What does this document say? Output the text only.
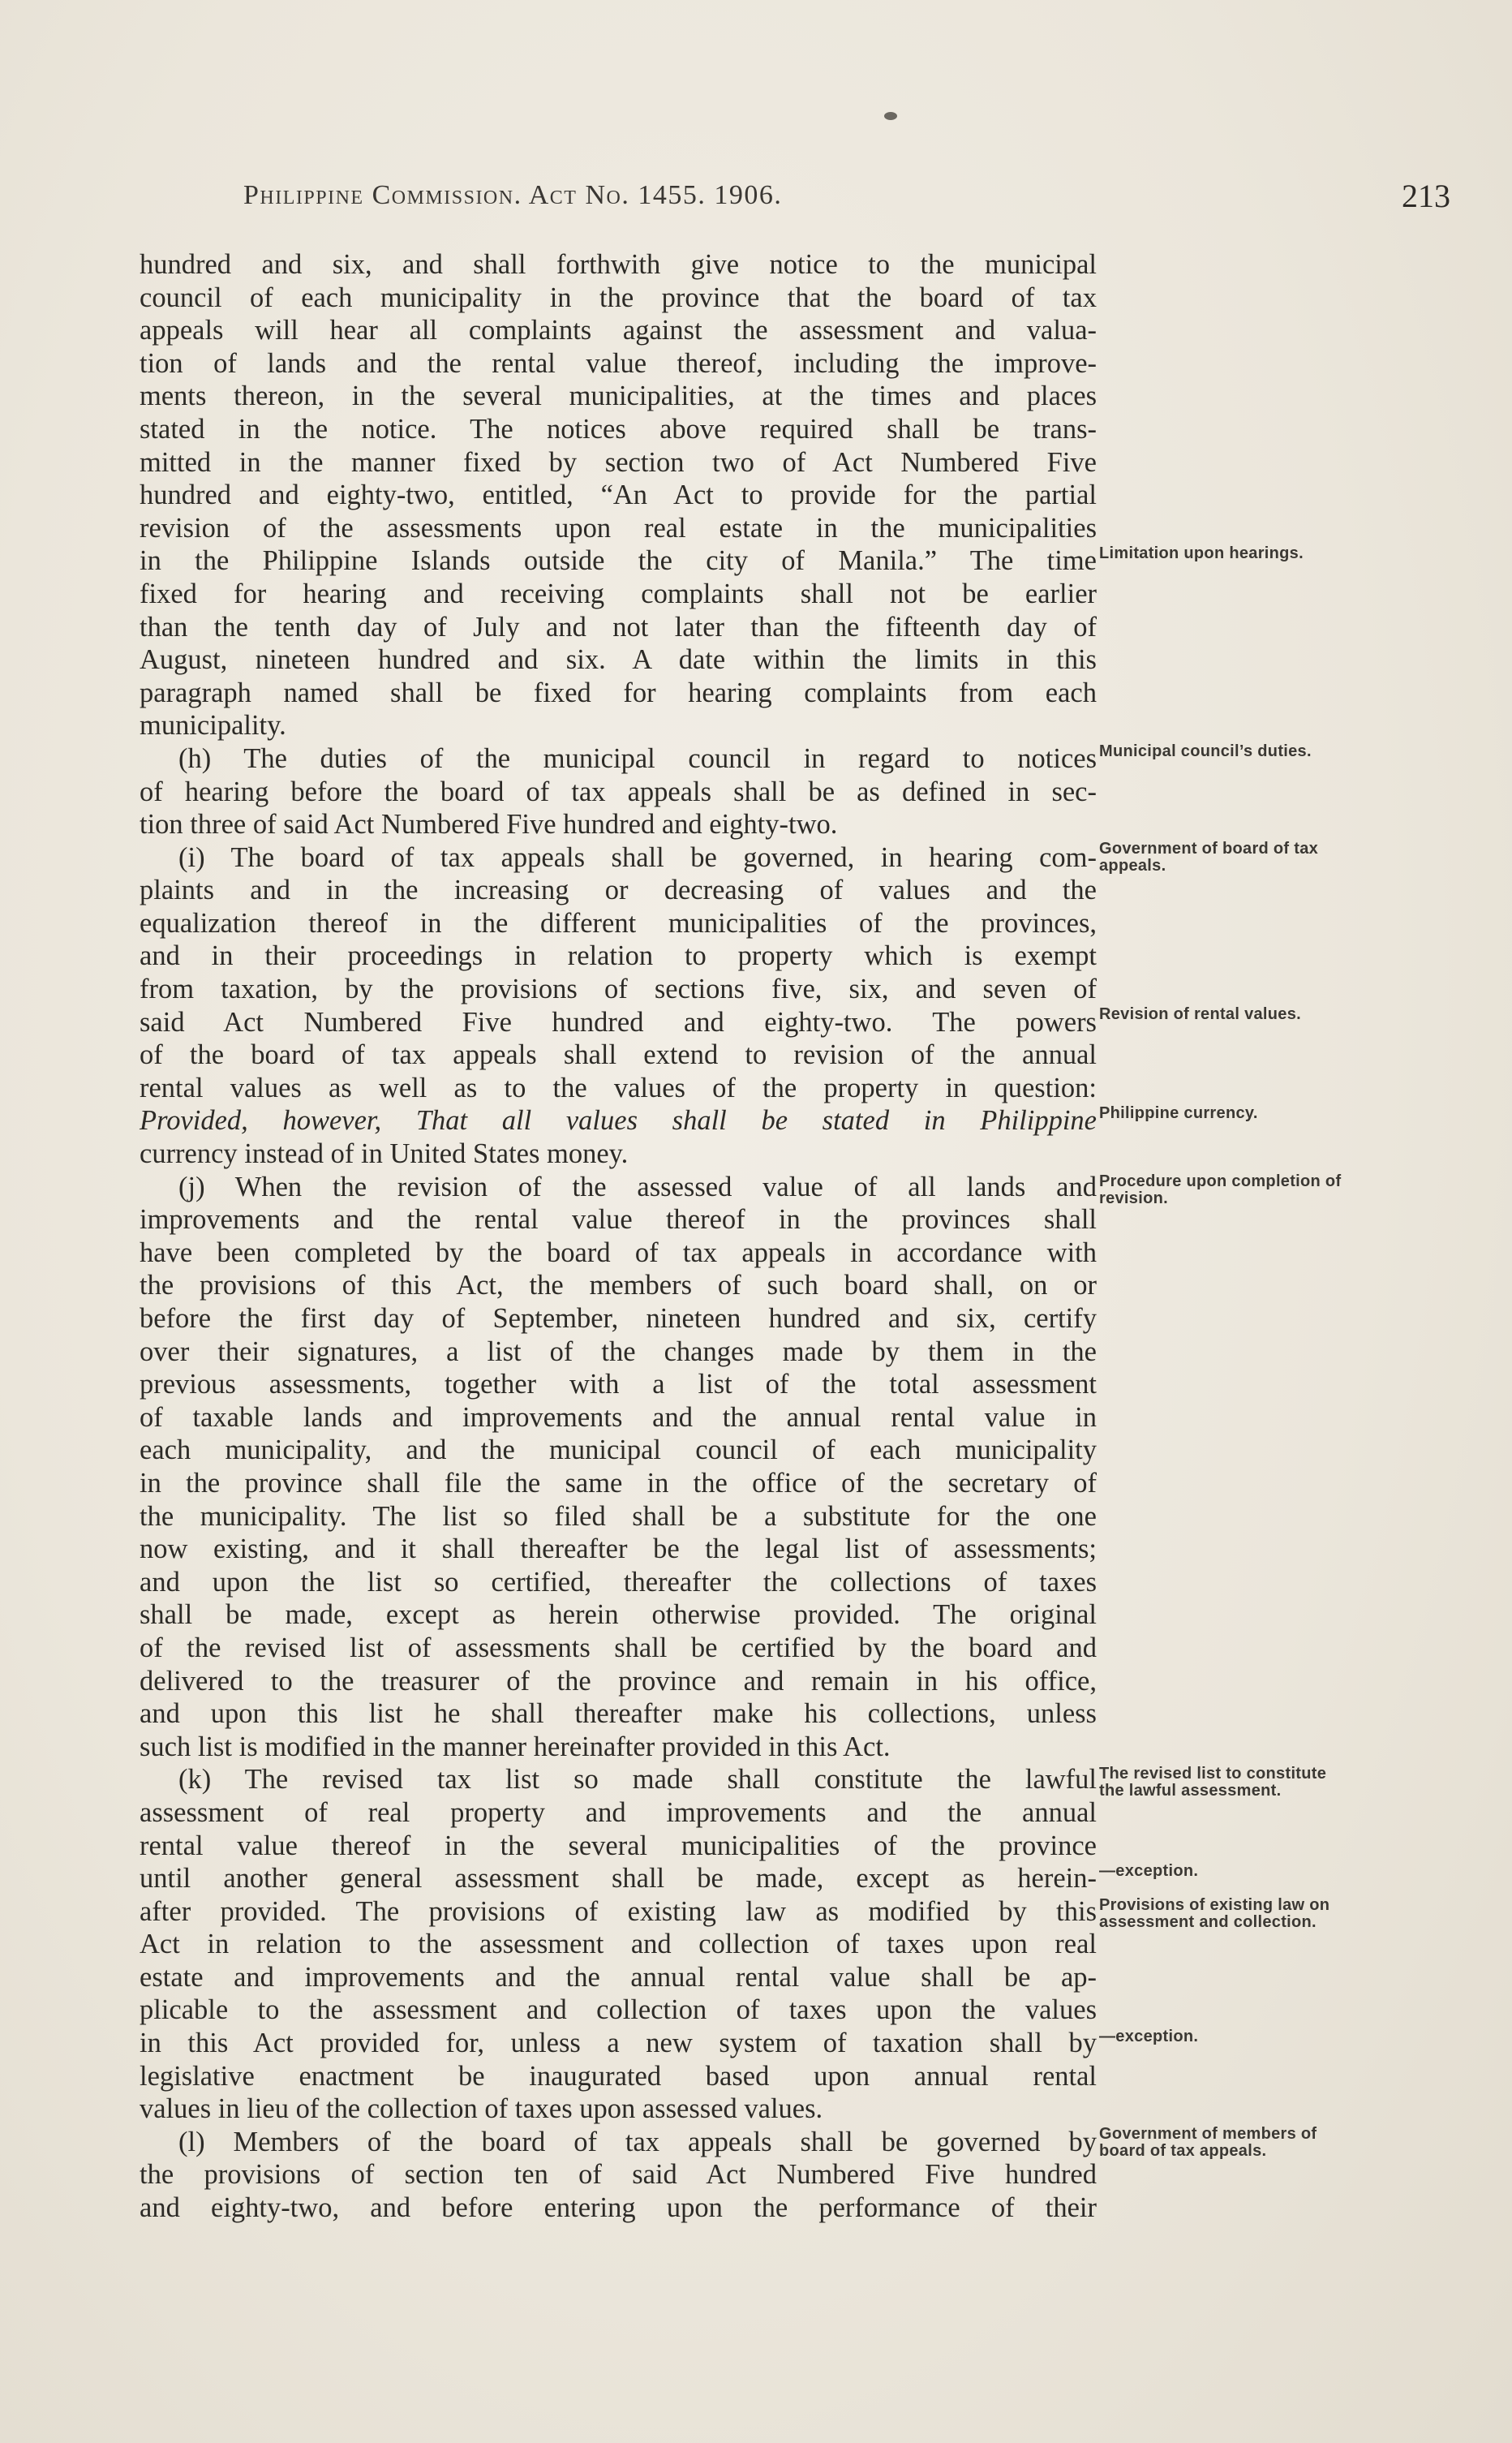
Philippine Commission. Act No. 1455. 1906.	213
hundred and six, and shall forthwith give notice to the municipal
council of each municipality in the province that the board of tax
appeals will hear all complaints against the assessment and valua-
tion of lands and the rental value thereof, including the improve-
ments thereon, in the several municipalities, at the times and places
stated in the notice. The notices above required shall be trans-
mitted in the manner fixed by section two of Act Numbered Five
hundred and eighty-two, entitled, “An Act to provide for the partial
revision of the assessments upon real estate in the municipalities
in the Philippine Islands outside the city of Manila.” The time
fixed for hearing and receiving complaints shall not be earlier
than the tenth day of July and not later than the fifteenth day of
August, nineteen hundred and six. A date within the limits in this
paragraph named shall be fixed for hearing complaints from each
municipality.
(h) The duties of the municipal council in regard to notices
of hearing before the board of tax appeals shall be as defined in sec-
tion three of said Act Numbered Five hundred and eighty-two.
(i) The board of tax appeals shall be governed, in hearing com-
plaints and in the increasing or decreasing of values and the
equalization thereof in the different municipalities of the provinces,
and in their proceedings in relation to property which is exempt
from taxation, by the provisions of sections five, six, and seven of
said Act Numbered Five hundred and eighty-two. The powers
of the board of tax appeals shall extend to revision of the annual
rental values as well as to the values of the property in question:
Provided, however, That all values shall be stated in Philippine
currency instead of in United States money.
(j) When the revision of the assessed value of all lands and
improvements and the rental value thereof in the provinces shall
have been completed by the board of tax appeals in accordance with
the provisions of this Act, the members of such board shall, on or
before the first day of September, nineteen hundred and six, certify
over their signatures, a list of the changes made by them in the
previous assessments, together with a list of the total assessment
of taxable lands and improvements and the annual rental value in
each municipality, and the municipal council of each municipality
in the province shall file the same in the office of the secretary of
the municipality. The list so filed shall be a substitute for the one
now existing, and it shall thereafter be the legal list of assessments;
and upon the list so certified, thereafter the collections of taxes
shall be made, except as herein otherwise provided. The original
of the revised list of assessments shall be certified by the board and
delivered to the treasurer of the province and remain in his office,
and upon this list he shall thereafter make his collections, unless
such list is modified in the manner hereinafter provided in this Act.
(k) The revised tax list so made shall constitute the lawful
assessment of real property and improvements and the annual
rental value thereof in the several municipalities of the province
until another general assessment shall be made, except as herein-
after provided. The provisions of existing law as modified by this
Act in relation to the assessment and collection of taxes upon real
estate and improvements and the annual rental value shall be ap-
plicable to the assessment and collection of taxes upon the values
in this Act provided for, unless a new system of taxation shall by
legislative enactment be inaugurated based upon annual rental
values in lieu of the collection of taxes upon assessed values.
(l) Members of the board of tax appeals shall be governed by
the provisions of section ten of said Act Numbered Five hundred
and eighty-two, and before entering upon the performance of their
Limitation upon hearings.
Municipal council’s duties.
Government of board of tax appeals.
Revision of rental values.
Philippine currency.
Procedure upon completion of revision.
The revised list to constitute the lawful assessment.
—exception.
Provisions of existing law on assessment and collection.
—exception.
Government of members of board of tax appeals.
